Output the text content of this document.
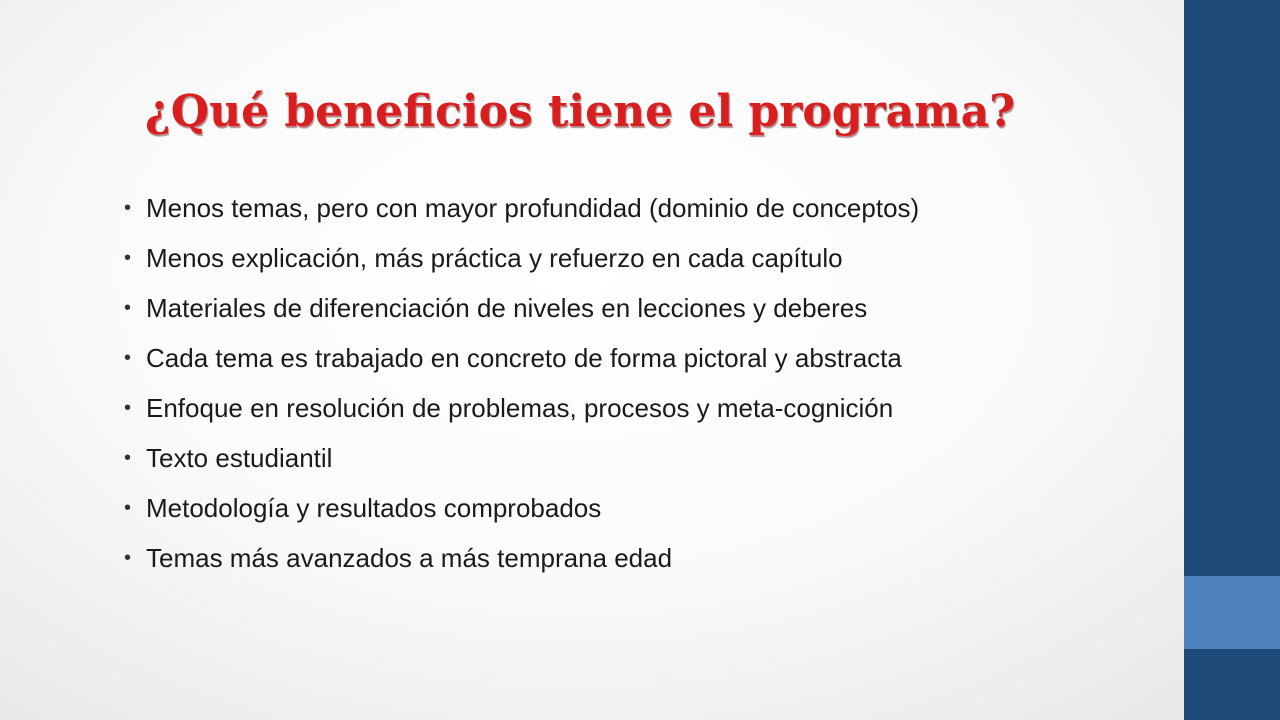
¿Qué beneficios tiene el programa?
• Menos temas, pero con mayor profundidad (dominio de conceptos)
• Menos explicación, más práctica y refuerzo en cada capítulo
• Materiales de diferenciación de niveles en lecciones y deberes
• Cada tema es trabajado en concreto de forma pictoral y abstracta
• Enfoque en resolución de problemas, procesos y meta-cognición
• Texto estudiantil
• Metodología y resultados comprobados
• Temas más avanzados a más temprana edad
